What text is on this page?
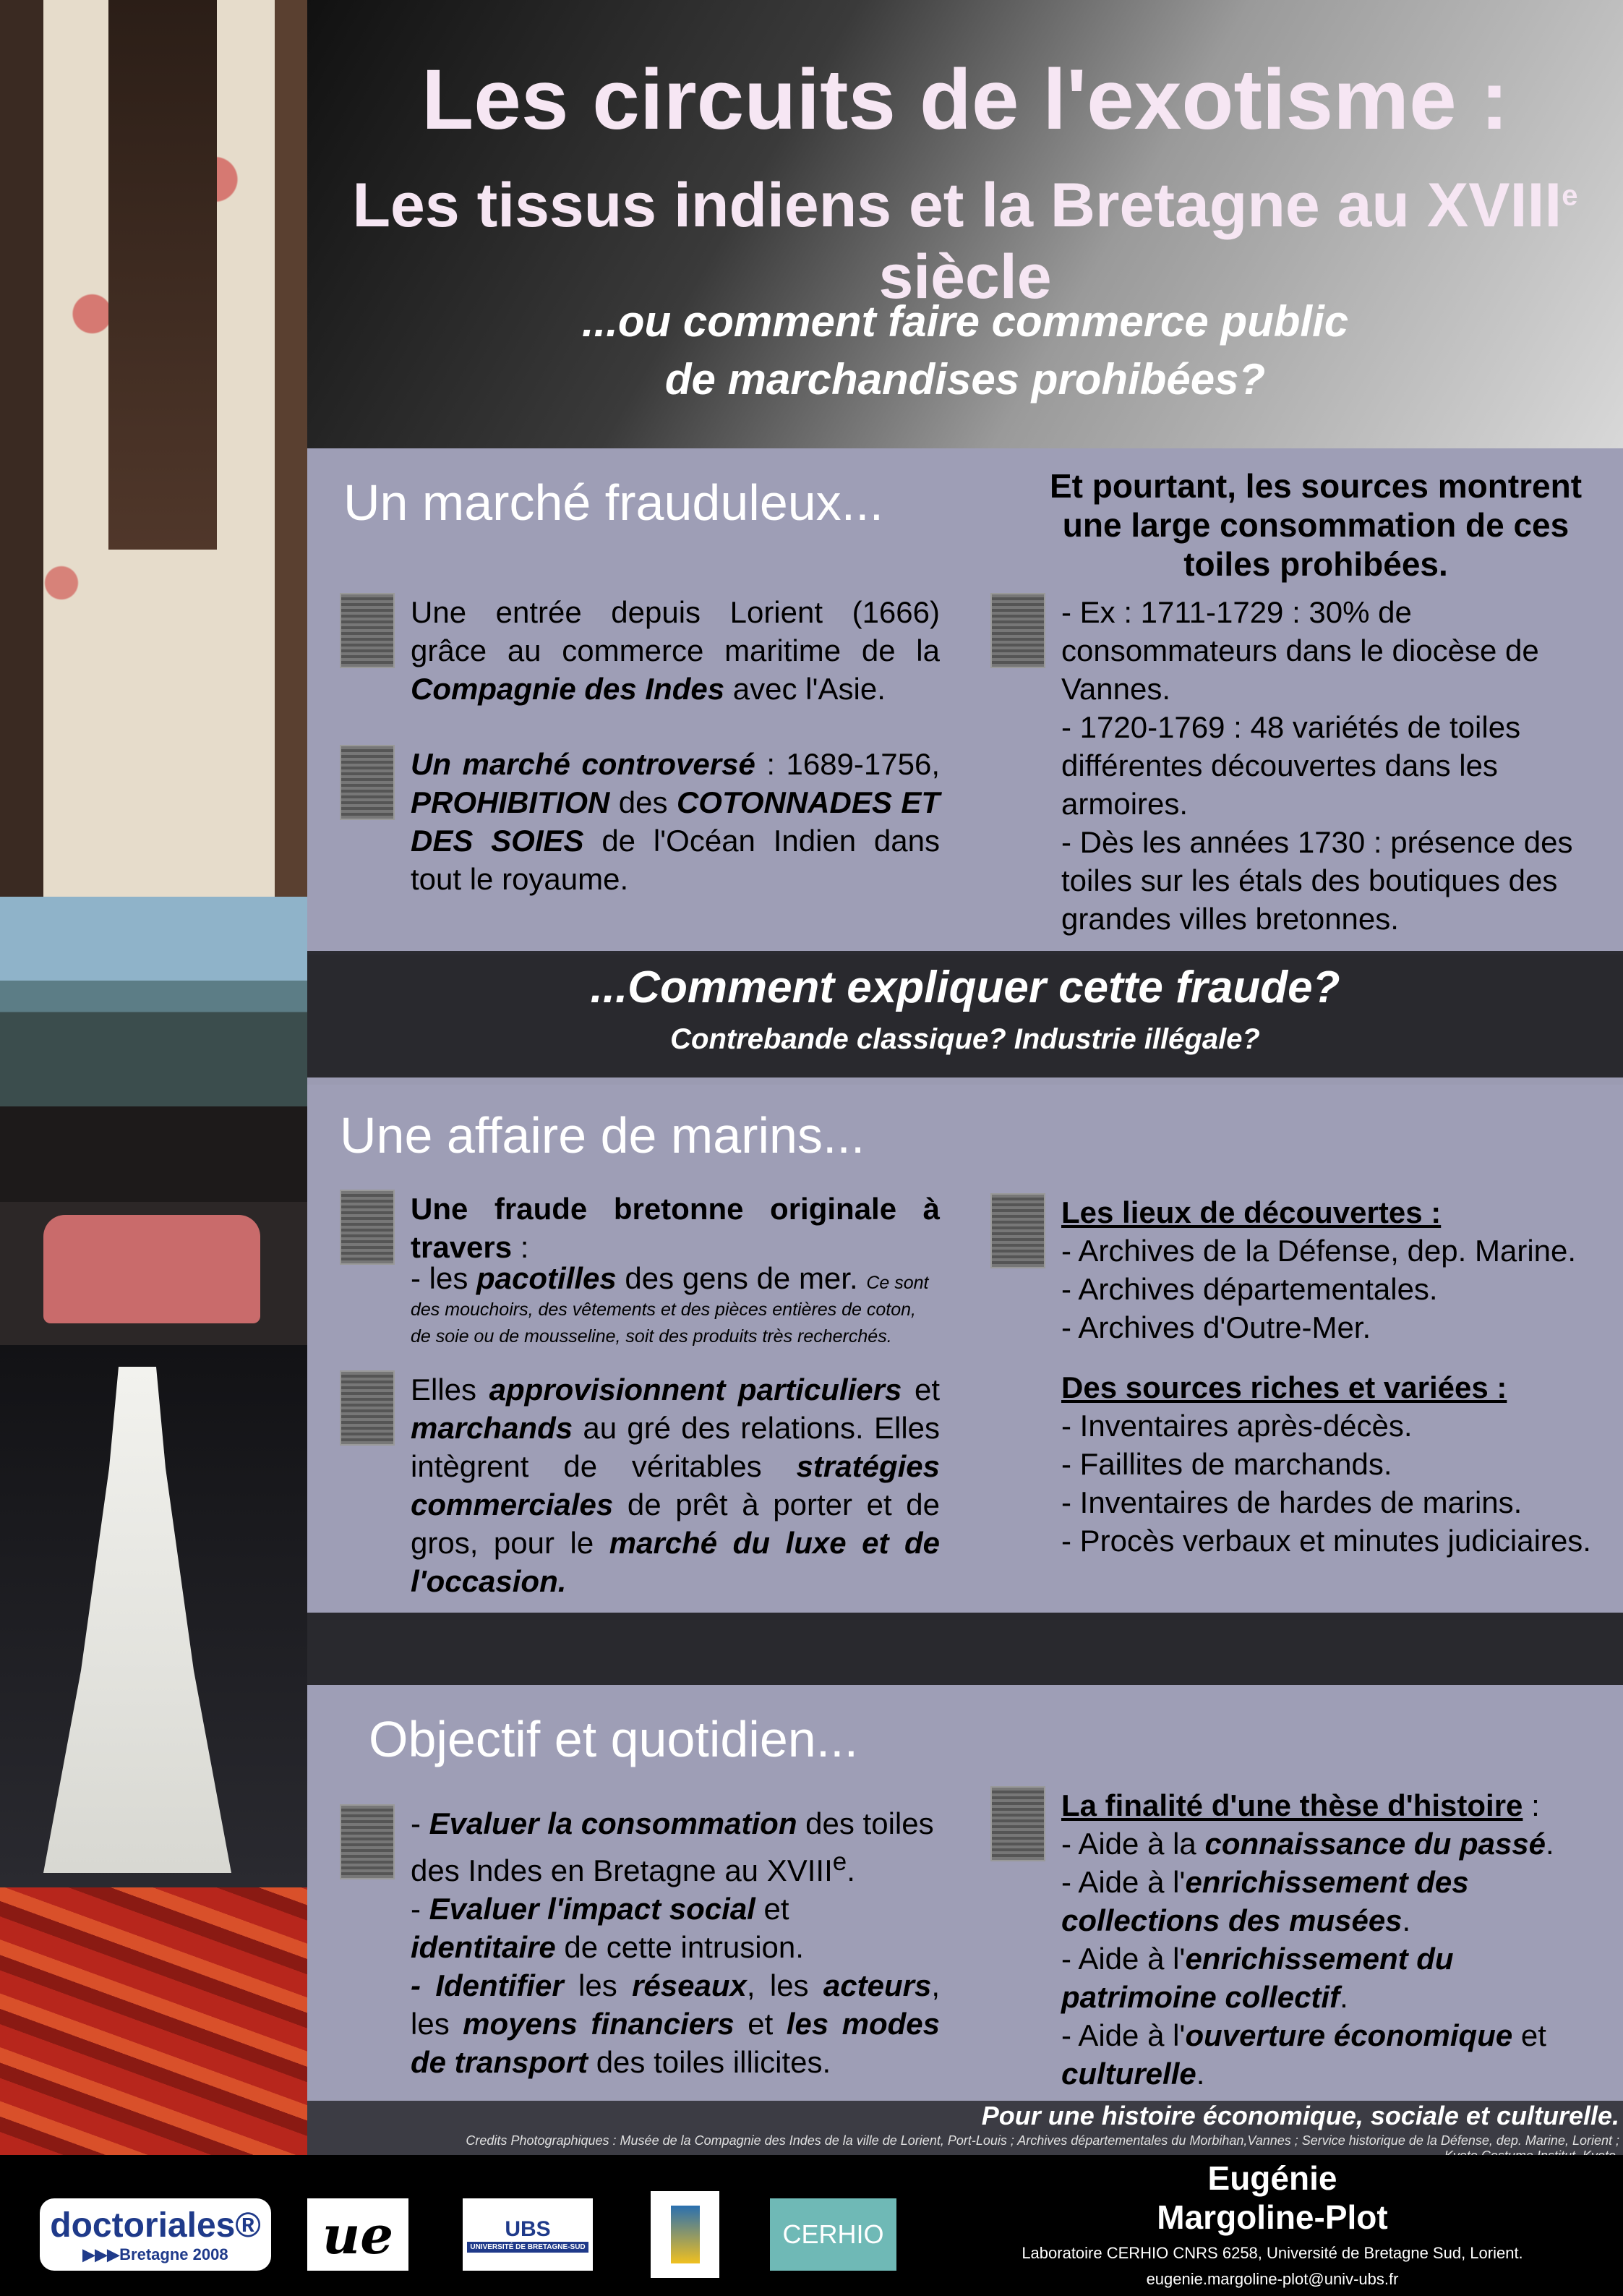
Les circuits de l'exotisme :
Les tissus indiens et la Bretagne au XVIIIe siècle
...ou comment faire commerce public
de marchandises prohibées?
Un marché frauduleux...	Et pourtant, les sources montrent une large consommation de ces toiles prohibées.
Une entrée depuis Lorient (1666) grâce au commerce maritime de la Compagnie des Indes avec l'Asie.
Un marché controversé : 1689-1756, PROHIBITION des COTONNADES ET DES SOIES de l'Océan Indien dans tout le royaume.
- Ex : 1711-1729 : 30% de consommateurs dans le diocèse de Vannes.
- 1720-1769 : 48 variétés de toiles différentes découvertes dans les armoires.
- Dès les années 1730 : présence des toiles sur les étals des boutiques des grandes villes bretonnes.
...Comment expliquer cette fraude?
Contrebande classique? Industrie illégale?
Une affaire de marins...
Une fraude bretonne originale à travers :
- les pacotilles des gens de mer. Ce sont des mouchoirs, des vêtements et des pièces entières de coton, de soie ou de mousseline, soit des produits très recherchés.
Elles approvisionnent particuliers et marchands au gré des relations. Elles intègrent de véritables stratégies commerciales de prêt à porter et de gros, pour le marché du luxe et de l'occasion.
Les lieux de découvertes :
- Archives de la Défense, dep. Marine.
- Archives départementales.
- Archives d'Outre-Mer.
Des sources riches et variées :
- Inventaires après-décès.
- Faillites de marchands.
- Inventaires de hardes de marins.
- Procès verbaux et minutes judiciaires.
Objectif et quotidien...
- Evaluer la consommation des toiles des Indes en Bretagne au XVIIIe.
- Evaluer l'impact social et identitaire de cette intrusion.
- Identifier les réseaux, les acteurs, les moyens financiers et les modes de transport des toiles illicites.
La finalité d'une thèse d'histoire :
- Aide à la connaissance du passé.
- Aide à l'enrichissement des collections des musées.
- Aide à l'enrichissement du patrimoine collectif.
- Aide à l'ouverture économique et culturelle.
Pour une histoire économique, sociale et culturelle.
Credits Photographiques : Musée de la Compagnie des Indes de la ville de Lorient, Port-Louis ; Archives départementales du Morbihan,Vannes ; Service historique de la Défense, dep. Marine, Lorient ;
doctoriales®
▶▶▶Bretagne 2008 ue	UBS
UNIVERSITÉ DE BRETAGNE-SUD	CERHIO
Eugénie
Margoline-Plot
Laboratoire CERHIO CNRS 6258, Université de Bretagne Sud, Lorient.
eugenie.margoline-plot@univ-ubs.fr
